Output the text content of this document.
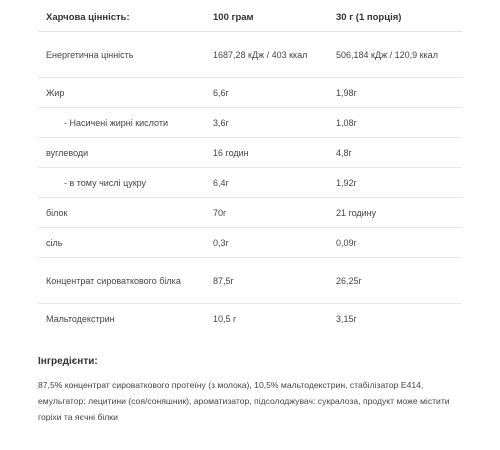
Харчова цінність:	100 грам	30 г (1 порція)
Енергетична цінність	1687,28 кДж / 403 ккал	506,184 кДж / 120,9 ккал
Жир	6,6г	1,98г
- Насичені жирні кислоти	3,6г	1,08г
вуглеводи	16 годин	4,8г
- в тому числі цукру	6,4г	1,92г
білок	70г	21 годину
сіль	0,3г	0,09г
Концентрат сироваткового білка	87,5г	26,25г
Мальтодекстрин	10,5 г	3,15г
Інгредієнти:

87,5% концентрат сироваткового протеїну (з молока), 10,5% мальтодекстрин, стабілізатор Е414, емульгатор: лецитини (соя/соняшник), ароматизатор, підсолоджувач: сукралоза, продукт може містити горіхи та яєчні білки
